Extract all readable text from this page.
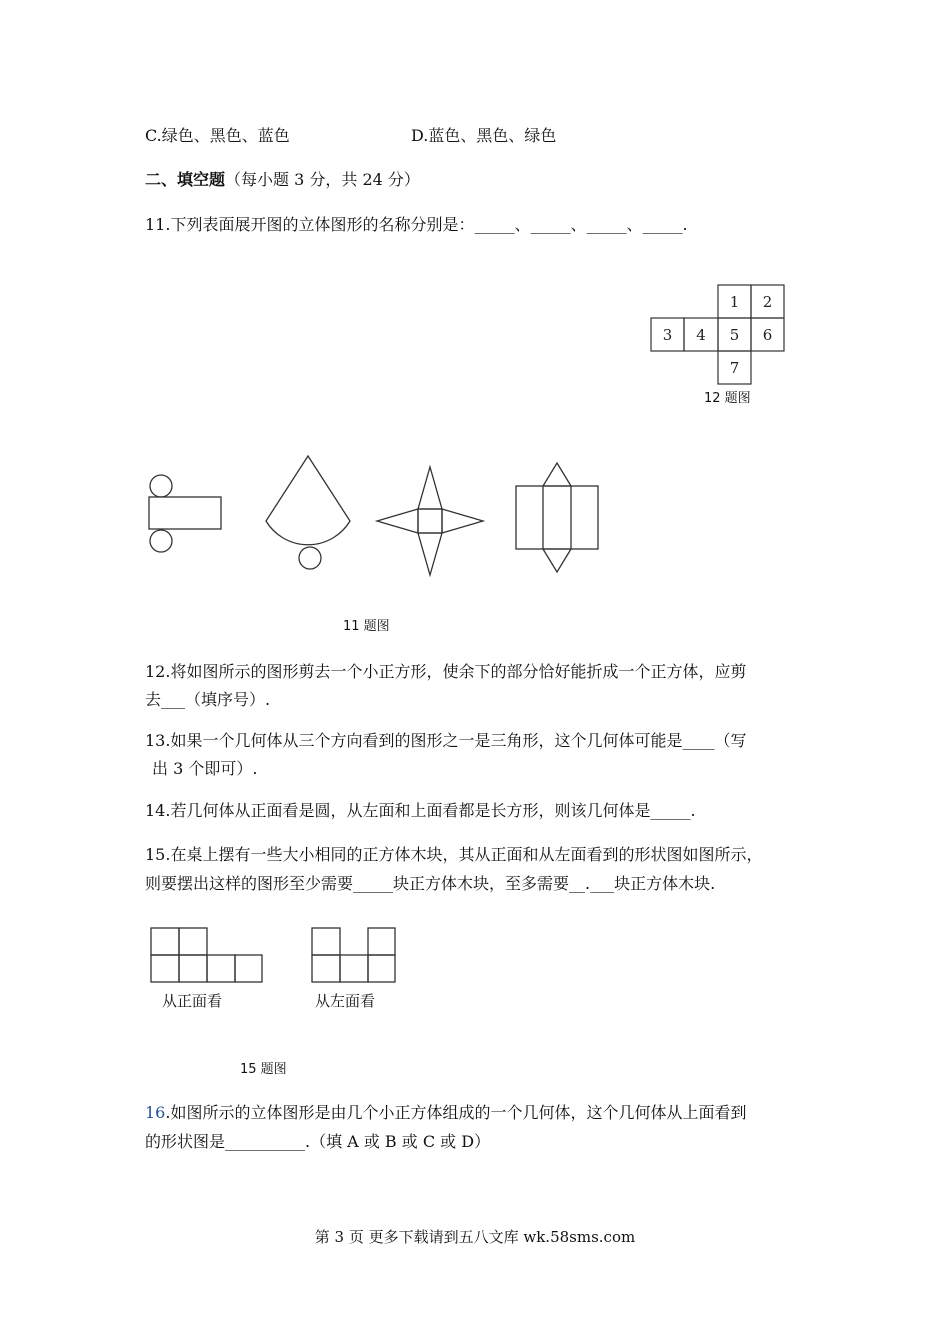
C.绿色、黑色、蓝色	D.蓝色、黑色、绿色
二、填空题（每小题 3 分，共 24 分）
11.下列表面展开图的立体图形的名称分别是：_____、_____、_____、_____.
1 2
3 4 5 6
7
12 题图
11 题图
12.将如图所示的图形剪去一个小正方形，使余下的部分恰好能折成一个正方体，应剪
去___（填序号）.
13.如果一个几何体从三个方向看到的图形之一是三角形，这个几何体可能是____（写
出 3 个即可）.
14.若几何体从正面看是圆，从左面和上面看都是长方形，则该几何体是_____.
15.在桌上摆有一些大小相同的正方体木块，其从正面和从左面看到的形状图如图所示，
则要摆出这样的图形至少需要_____块正方体木块，至多需要__.___块正方体木块.
从正面看	从左面看
15 题图
16.如图所示的立体图形是由几个小正方体组成的一个几何体，这个几何体从上面看到
的形状图是__________.（填 A 或 B 或 C 或 D）
第 3 页 更多下载请到五八文库 wk.58sms.com
